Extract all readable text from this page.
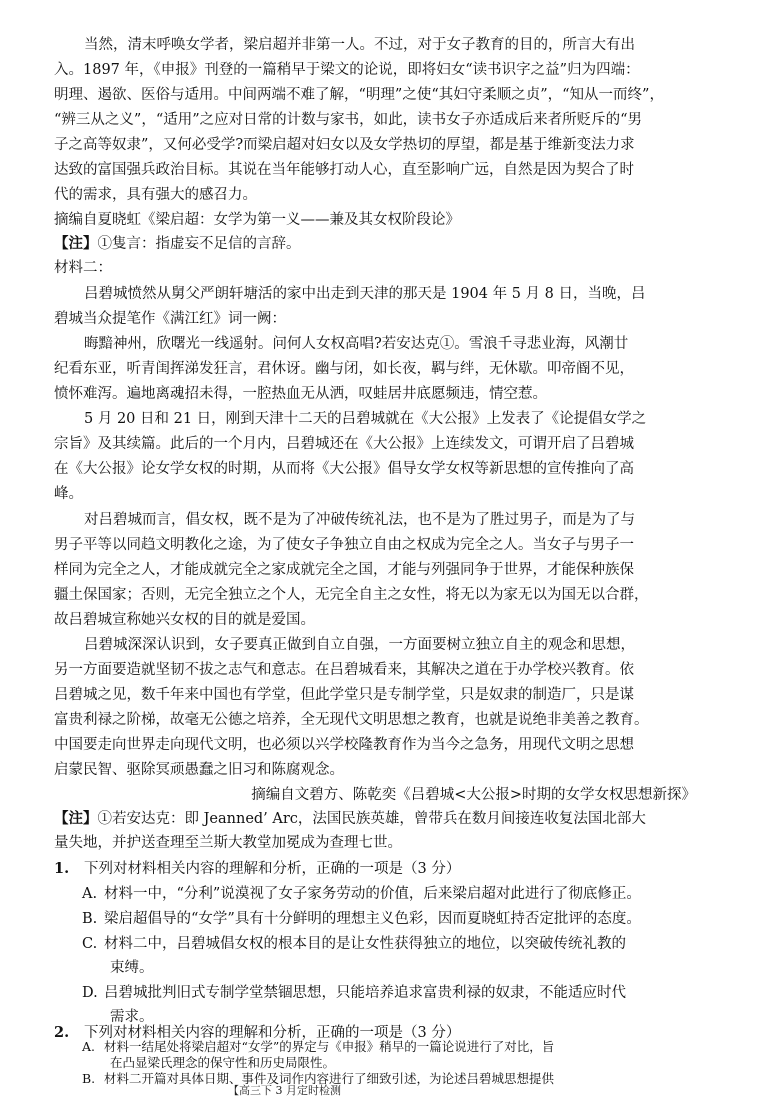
当然，清末呼唤女学者，梁启超并非第一人。不过，对于女子教育的目的，所言大有出
入。1897 年，《申报》刊登的一篇稍早于梁文的论说，即将妇女“读书识字之益”归为四端：
明理、遏欲、医俗与适用。中间两端不难了解，“明理”之使“其妇守柔顺之贞”，“知从一而终”，
“辨三从之义”，“适用”之应对日常的计数与家书，如此，读书女子亦适成后来者所贬斥的“男
子之高等奴隶”，又何必受学?而梁启超对妇女以及女学热切的厚望，都是基于维新变法力求
达致的富国强兵政治目标。其说在当年能够打动人心，直至影响广远，自然是因为契合了时
代的需求，具有强大的感召力。
摘编自夏晓虹《梁启超：女学为第一义——兼及其女权阶段论》
【注】①隻言：指虚妄不足信的言辞。
材料二：
吕碧城愤然从舅父严朗轩塘活的家中出走到天津的那天是 1904 年 5 月 8 日，当晚，吕
碧城当众提笔作《满江红》词一阙：
晦黯神州，欣曙光一线遥射。问何人女权高唱?若安达克①。雪浪千寻悲业海，风潮廿
纪看东亚，听青闺挥涕发狂言，君休讶。幽与闭，如长夜，羁与绊，无休歇。叩帝阍不见，
愤怀难泻。遍地离魂招未得，一腔热血无从洒，叹蛙居井底愿频违，情空惹。
5 月 20 日和 21 日，刚到天津十二天的吕碧城就在《大公报》上发表了《论提倡女学之
宗旨》及其续篇。此后的一个月内，吕碧城还在《大公报》上连续发文，可谓开启了吕碧城
在《大公报》论女学女权的时期，从而将《大公报》倡导女学女权等新思想的宣传推向了高
峰。
对吕碧城而言，倡女权，既不是为了冲破传统礼法，也不是为了胜过男子，而是为了与
男子平等以同趋文明教化之途，为了使女子争独立自由之权成为完全之人。当女子与男子一
样同为完全之人，才能成就完全之家成就完全之国，才能与列强同争于世界，才能保种族保
疆土保国家；否则，无完全独立之个人，无完全自主之女性，将无以为家无以为国无以合群，
故吕碧城宣称她兴女权的目的就是爱国。
吕碧城深深认识到，女子要真正做到自立自强，一方面要树立独立自主的观念和思想，
另一方面要造就坚韧不拔之志气和意志。在吕碧城看来，其解决之道在于办学校兴教育。依
吕碧城之见，数千年来中国也有学堂，但此学堂只是专制学堂，只是奴隶的制造厂，只是谋
富贵利禄之阶梯，故毫无公德之培养，全无现代文明思想之教育，也就是说绝非美善之教育。
中国要走向世界走向现代文明，也必须以兴学校隆教育作为当今之急务，用现代文明之思想
启蒙民智、驱除冥顽愚蠢之旧习和陈腐观念。
摘编自文碧方、陈乾奕《吕碧城<大公报>时期的女学女权思想新探》
【注】①若安达克：即 Jeanned’ Arc，法国民族英雄，曾带兵在数月间接连收复法国北部大
量失地，并护送查理至兰斯大教堂加冕成为查理七世。
1. 下列对材料相关内容的理解和分析，正确的一项是（3 分）
A. 材料一中，“分利”说漠视了女子家务劳动的价值，后来梁启超对此进行了彻底修正。
B. 梁启超倡导的“女学”具有十分鲜明的理想主义色彩，因而夏晓虹持否定批评的态度。
C. 材料二中，吕碧城倡女权的根本目的是让女性获得独立的地位，以突破传统礼教的
束缚。
D. 吕碧城批判旧式专制学堂禁锢思想，只能培养追求富贵利禄的奴隶，不能适应时代
需求。
2. 下列对材料相关内容的理解和分析，正确的一项是（3 分）
【高三下 3 月定时检测
A. 材料一结尾处将梁启超对“女学”的界定与《申报》稍早的一篇论说进行了对比，旨
在凸显梁氏理念的保守性和历史局限性。
B. 材料二开篇对具体日期、事件及词作内容进行了细致引述，为论述吕碧城思想提供
